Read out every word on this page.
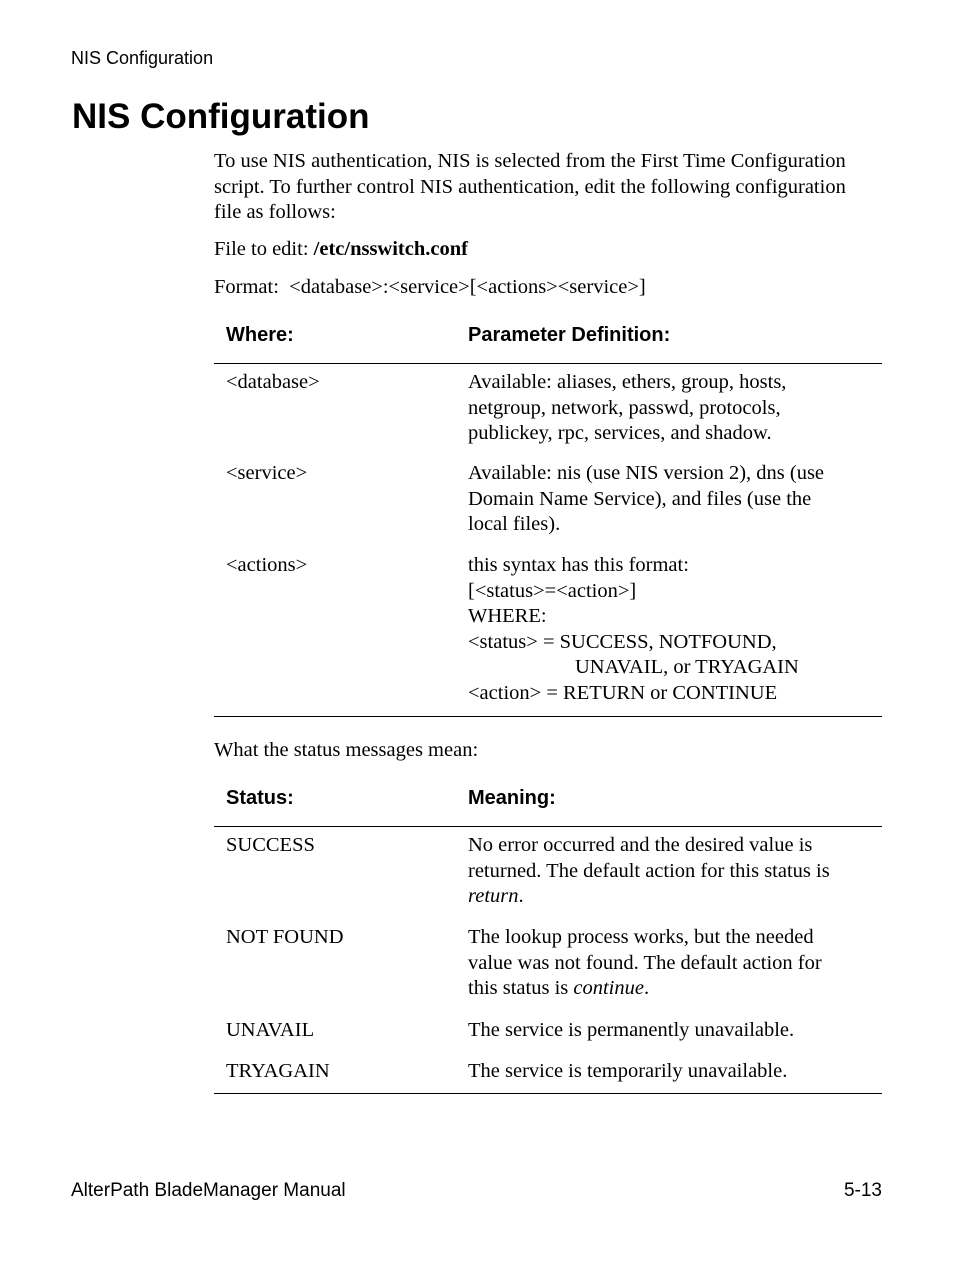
NIS Configuration
NIS Configuration

To use NIS authentication, NIS is selected from the First Time Configuration

script. To further control NIS authentication, edit the following configuration

file as follows:

File to edit: /etc/nsswitch.conf

Format:  <database>:<service>[<actions><service>]

Where:	Parameter Definition:
<database>	Available: aliases, ethers, group, hosts,
netgroup, network, passwd, protocols,
publickey, rpc, services, and shadow.
<service>	Available: nis (use NIS version 2), dns (use
Domain Name Service), and files (use the
local files).
<actions>	this syntax has this format:
[<status>=<action>]
WHERE:
<status> = SUCCESS, NOTFOUND,
UNAVAIL, or TRYAGAIN
<action> = RETURN or CONTINUE

What the status messages mean:

Status:	Meaning:
SUCCESS	No error occurred and the desired value is
returned. The default action for this status is
return.
NOT FOUND	The lookup process works, but the needed
value was not found. The default action for
this status is continue.
UNAVAIL	The service is permanently unavailable.
TRYAGAIN	The service is temporarily unavailable.
AlterPath BladeManager Manual	5-13
